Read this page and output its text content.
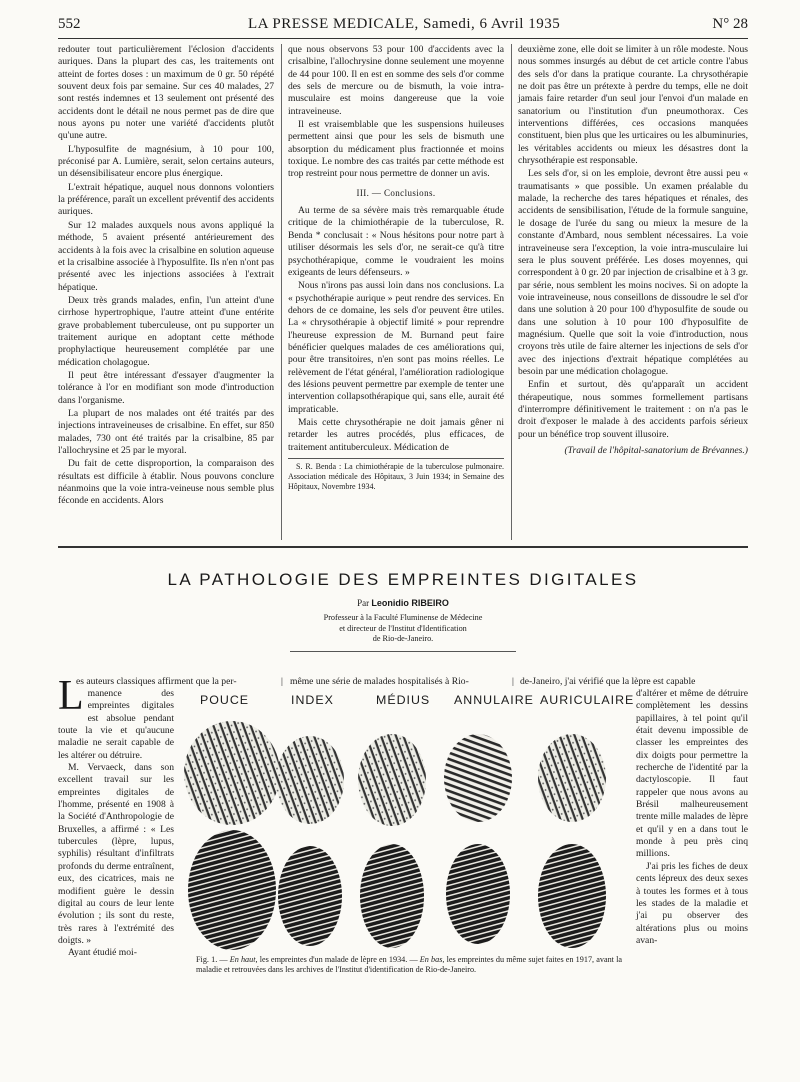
552	LA PRESSE MEDICALE, Samedi, 6 Avril 1935	N° 28

redouter tout particulièrement l'éclosion d'accidents auriques. Dans la plupart des cas, les traitements ont atteint de fortes doses : un maximum de 0 gr. 50 répété souvent deux fois par semaine. Sur ces 40 malades, 27 sont restés indemnes et 13 seulement ont présenté des accidents dont le détail ne nous permet pas de dire que nous ayons pu noter une variété d'accidents plutôt qu'une autre.

L'hyposulfite de magnésium, à 10 pour 100, préconisé par A. Lumière, serait, selon certains auteurs, un désensibilisateur encore plus énergique.

L'extrait hépatique, auquel nous donnons volontiers la préférence, paraît un excellent préventif des accidents auriques.

Sur 12 malades auxquels nous avons appliqué la méthode, 5 avaient présenté antérieurement des accidents à la fois avec la crisalbine en solution aqueuse et la crisalbine associée à l'hyposulfite. Ils n'en n'ont pas présenté avec les injections associées à l'extrait hépatique.

Deux très grands malades, enfin, l'un atteint d'une cirrhose hypertrophique, l'autre atteint d'une entérite grave probablement tuberculeuse, ont pu supporter un traitement aurique en adoptant cette méthode prophylactique heureusement complétée par une médication cholagogue.

Il peut être intéressant d'essayer d'augmenter la tolérance à l'or en modifiant son mode d'introduction dans l'organisme.

La plupart de nos malades ont été traités par des injections intraveineuses de crisalbine. En effet, sur 850 malades, 730 ont été traités par la crisalbine, 85 par l'allochrysine et 25 par le myoral.

Du fait de cette disproportion, la comparaison des résultats est difficile à établir. Nous pouvons conclure néanmoins que la voie intra-veineuse nous semble plus féconde en accidents. Alors

que nous observons 53 pour 100 d'accidents avec la crisalbine, l'allochrysine donne seulement une moyenne de 44 pour 100. Il en est en somme des sels d'or comme des sels de mercure ou de bismuth, la voie intra-musculaire est moins dangereuse que la voie intraveineuse.

Il est vraisemblable que les suspensions huileuses permettent ainsi que pour les sels de bismuth une absorption du médicament plus fractionnée et moins toxique. Le nombre des cas traités par cette méthode est trop restreint pour nous permettre de donner un avis.

III. — Conclusions.

Au terme de sa sévère mais très remarquable étude critique de la chimiothérapie de la tuberculose, R. Benda * conclusait : « Nous hésitons pour notre part à utiliser désormais les sels d'or, ne serait-ce qu'à titre psychothérapique, comme le voudraient les moins exigeants de leurs défenseurs. »

Nous n'irons pas aussi loin dans nos conclusions. La « psychothérapie aurique » peut rendre des services. En dehors de ce domaine, les sels d'or peuvent être utiles. La « chrysothérapie à objectif limité » pour reprendre l'heureuse expression de M. Burnand peut faire bénéficier quelques malades de ces améliorations qui, pour être transitoires, n'en sont pas moins réelles. Le relèvement de l'état général, l'amélioration radiologique des lésions peuvent permettre par exemple de tenter une intervention collapsothérapique qui, sans elle, aurait été impraticable.

Mais cette chrysothérapie ne doit jamais gêner ni retarder les autres procédés, plus efficaces, de traitement antituberculeux. Médication de

S. R. Benda : La chimiothérapie de la tuberculose pulmonaire. Association médicale des Hôpitaux, 3 Juin 1934; in Semaine des Hôpitaux, Novembre 1934.

deuxième zone, elle doit se limiter à un rôle modeste. Nous nous sommes insurgés au début de cet article contre l'abus des sels d'or dans la pratique courante. La chrysothérapie ne doit pas être un prétexte à perdre du temps, elle ne doit jamais faire retarder d'un seul jour l'envoi d'un malade en sanatorium ou l'institution d'un pneumothorax. Ces interventions différées, ces occasions manquées constituent, bien plus que les urticaires ou les albuminuries, les véritables accidents ou mieux les désastres dont la chrysothérapie est responsable.

Les sels d'or, si on les emploie, devront être aussi peu « traumatisants » que possible. Un examen préalable du malade, la recherche des tares hépatiques et rénales, des accidents de sensibilisation, l'étude de la formule sanguine, le dosage de l'urée du sang ou mieux la mesure de la constante d'Ambard, nous semblent nécessaires. La voie intraveineuse sera l'exception, la voie intra-musculaire lui sera le plus souvent préférée. Les doses moyennes, qui correspondent à 0 gr. 20 par injection de crisalbine et à 3 gr. par série, nous semblent les moins nocives. Si on adopte la voie intraveineuse, nous conseillons de dissoudre le sel d'or dans une solution à 20 pour 100 d'hyposulfite de soude ou dans une solution à 10 pour 100 d'hyposulfite de magnésium. Quelle que soit la voie d'introduction, nous croyons très utile de faire alterner les injections de sels d'or avec des injections d'extrait hépatique complétées au besoin par une médication cholagogue.

Enfin et surtout, dès qu'apparaît un accident thérapeutique, nous sommes formellement partisans d'interrompre définitivement le traitement : on n'a pas le droit d'exposer le malade à des accidents parfois sérieux pour un bénéfice trop souvent illusoire.

(Travail de l'hôpital-sanatorium de Brévannes.)
LA PATHOLOGIE DES EMPREINTES DIGITALES
Par Leonidio RIBEIRO
Professeur à la Faculté Fluminense de Médecine
et directeur de l'Institut d'Identification
de Rio-de-Janeiro.
es auteurs classiques affirment que la per-	| même une série de malades hospitalisés à Rio-	| de-Janeiro, j'ai vérifié que la lèpre est capable
L manence des empreintes digitales est absolue pendant toute la vie et qu'aucune maladie ne serait capable de les altérer ou détruire.

M. Vervaeck, dans son excellent travail sur les empreintes digitales de l'homme, présenté en 1908 à la Société d'Anthropologie de Bruxelles, a affirmé : « Les tubercules (lèpre, lupus, syphilis) résultant d'infiltrats profonds du derme entraînent, eux, des cicatrices, mais ne modifient guère le dessin digital au cours de leur lente évolution ; ils sont du reste, très rares à l'extrémité des doigts. »

Ayant étudié moi-

d'altérer et même de détruire complètement les dessins papillaires, à tel point qu'il était devenu impossible de classer les empreintes des dix doigts pour permettre la recherche de l'identité par la dactyloscopie. Il faut rappeler que nous avons au Brésil malheureusement trente mille malades de lèpre et qu'il y en a dans tout le monde à peu près cinq millions.

J'ai pris les fiches de deux cents lépreux des deux sexes à toutes les formes et à tous les stades de la maladie et j'ai pu observer des altérations plus ou moins avan-

POUCE	INDEX	MÉDIUS ANNULAIRE AURICULAIRE
Fig. 1. — En haut, les empreintes d'un malade de lèpre en 1934. — En bas, les empreintes du même sujet faites en 1917, avant la maladie et retrouvées dans les archives de l'Institut d'identification de Rio-de-Janeiro.
